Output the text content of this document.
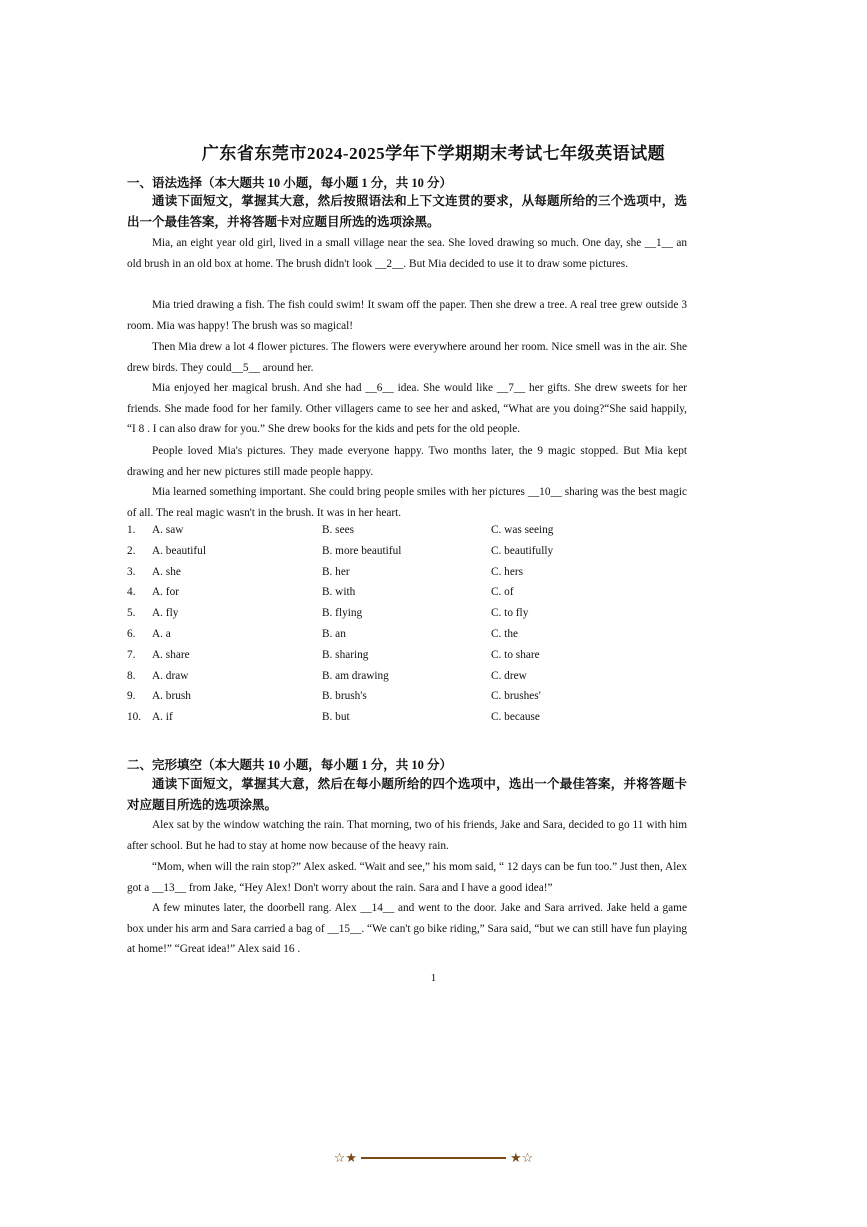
广东省东莞市2024-2025学年下学期期末考试七年级英语试题
一、语法选择（本大题共 10 小题，每小题 1 分，共 10 分）
通读下面短文，掌握其大意，然后按照语法和上下文连贯的要求，从每题所给的三个选项中，选出一个最佳答案，并将答题卡对应题目所选的选项涂黑。
Mia, an eight year old girl, lived in a small village near the sea. She loved drawing so much. One day, she __1__ an old brush in an old box at home. The brush didn't look __2__. But Mia decided to use it to draw some pictures.
Mia tried drawing a fish. The fish could swim! It swam off the paper. Then she drew a tree. A real tree grew outside 3 room. Mia was happy! The brush was so magical!
Then Mia drew a lot 4 flower pictures. The flowers were everywhere around her room. Nice smell was in the air. She drew birds. They could__5__ around her.
Mia enjoyed her magical brush. And she had __6__ idea. She would like __7__ her gifts. She drew sweets for her friends. She made food for her family. Other villagers came to see her and asked, “What are you doing?“She said happily, “I 8 . I can also draw for you.” She drew books for the kids and pets for the old people.
People loved Mia's pictures. They made everyone happy. Two months later, the 9 magic stopped. But Mia kept drawing and her new pictures still made people happy.
Mia learned something important. She could bring people smiles with her pictures __10__ sharing was the best magic of all. The real magic wasn't in the brush. It was in her heart.
1. A. saw	B. sees	C. was seeing
2. A. beautiful	B. more beautiful	C. beautifully
3. A. she	B. her	C. hers
4. A. for	B. with	C. of
5. A. fly	B. flying	C. to fly
6. A. a	B. an	C. the
7. A. share	B. sharing	C. to share
8. A. draw	B. am drawing	C. drew
9. A. brush	B. brush's	C. brushes'
10. A. if	B. but	C. because
二、完形填空（本大题共 10 小题，每小题 1 分，共 10 分）
通读下面短文，掌握其大意，然后在每小题所给的四个选项中，选出一个最佳答案，并将答题卡对应题目所选的选项涂黑。
Alex sat by the window watching the rain. That morning, two of his friends, Jake and Sara, decided to go 11 with him after school. But he had to stay at home now because of the heavy rain.
“Mom, when will the rain stop?” Alex asked. “Wait and see,” his mom said, “ 12 days can be fun too.” Just then, Alex got a __13__ from Jake, “Hey Alex! Don't worry about the rain. Sara and I have a good idea!”
A few minutes later, the doorbell rang. Alex __14__ and went to the door. Jake and Sara arrived. Jake held a game box under his arm and Sara carried a bag of __15__. “We can't go bike riding,” Sara said, “but we can still have fun playing at home!” “Great idea!” Alex said 16 .
1
☆★	★☆
